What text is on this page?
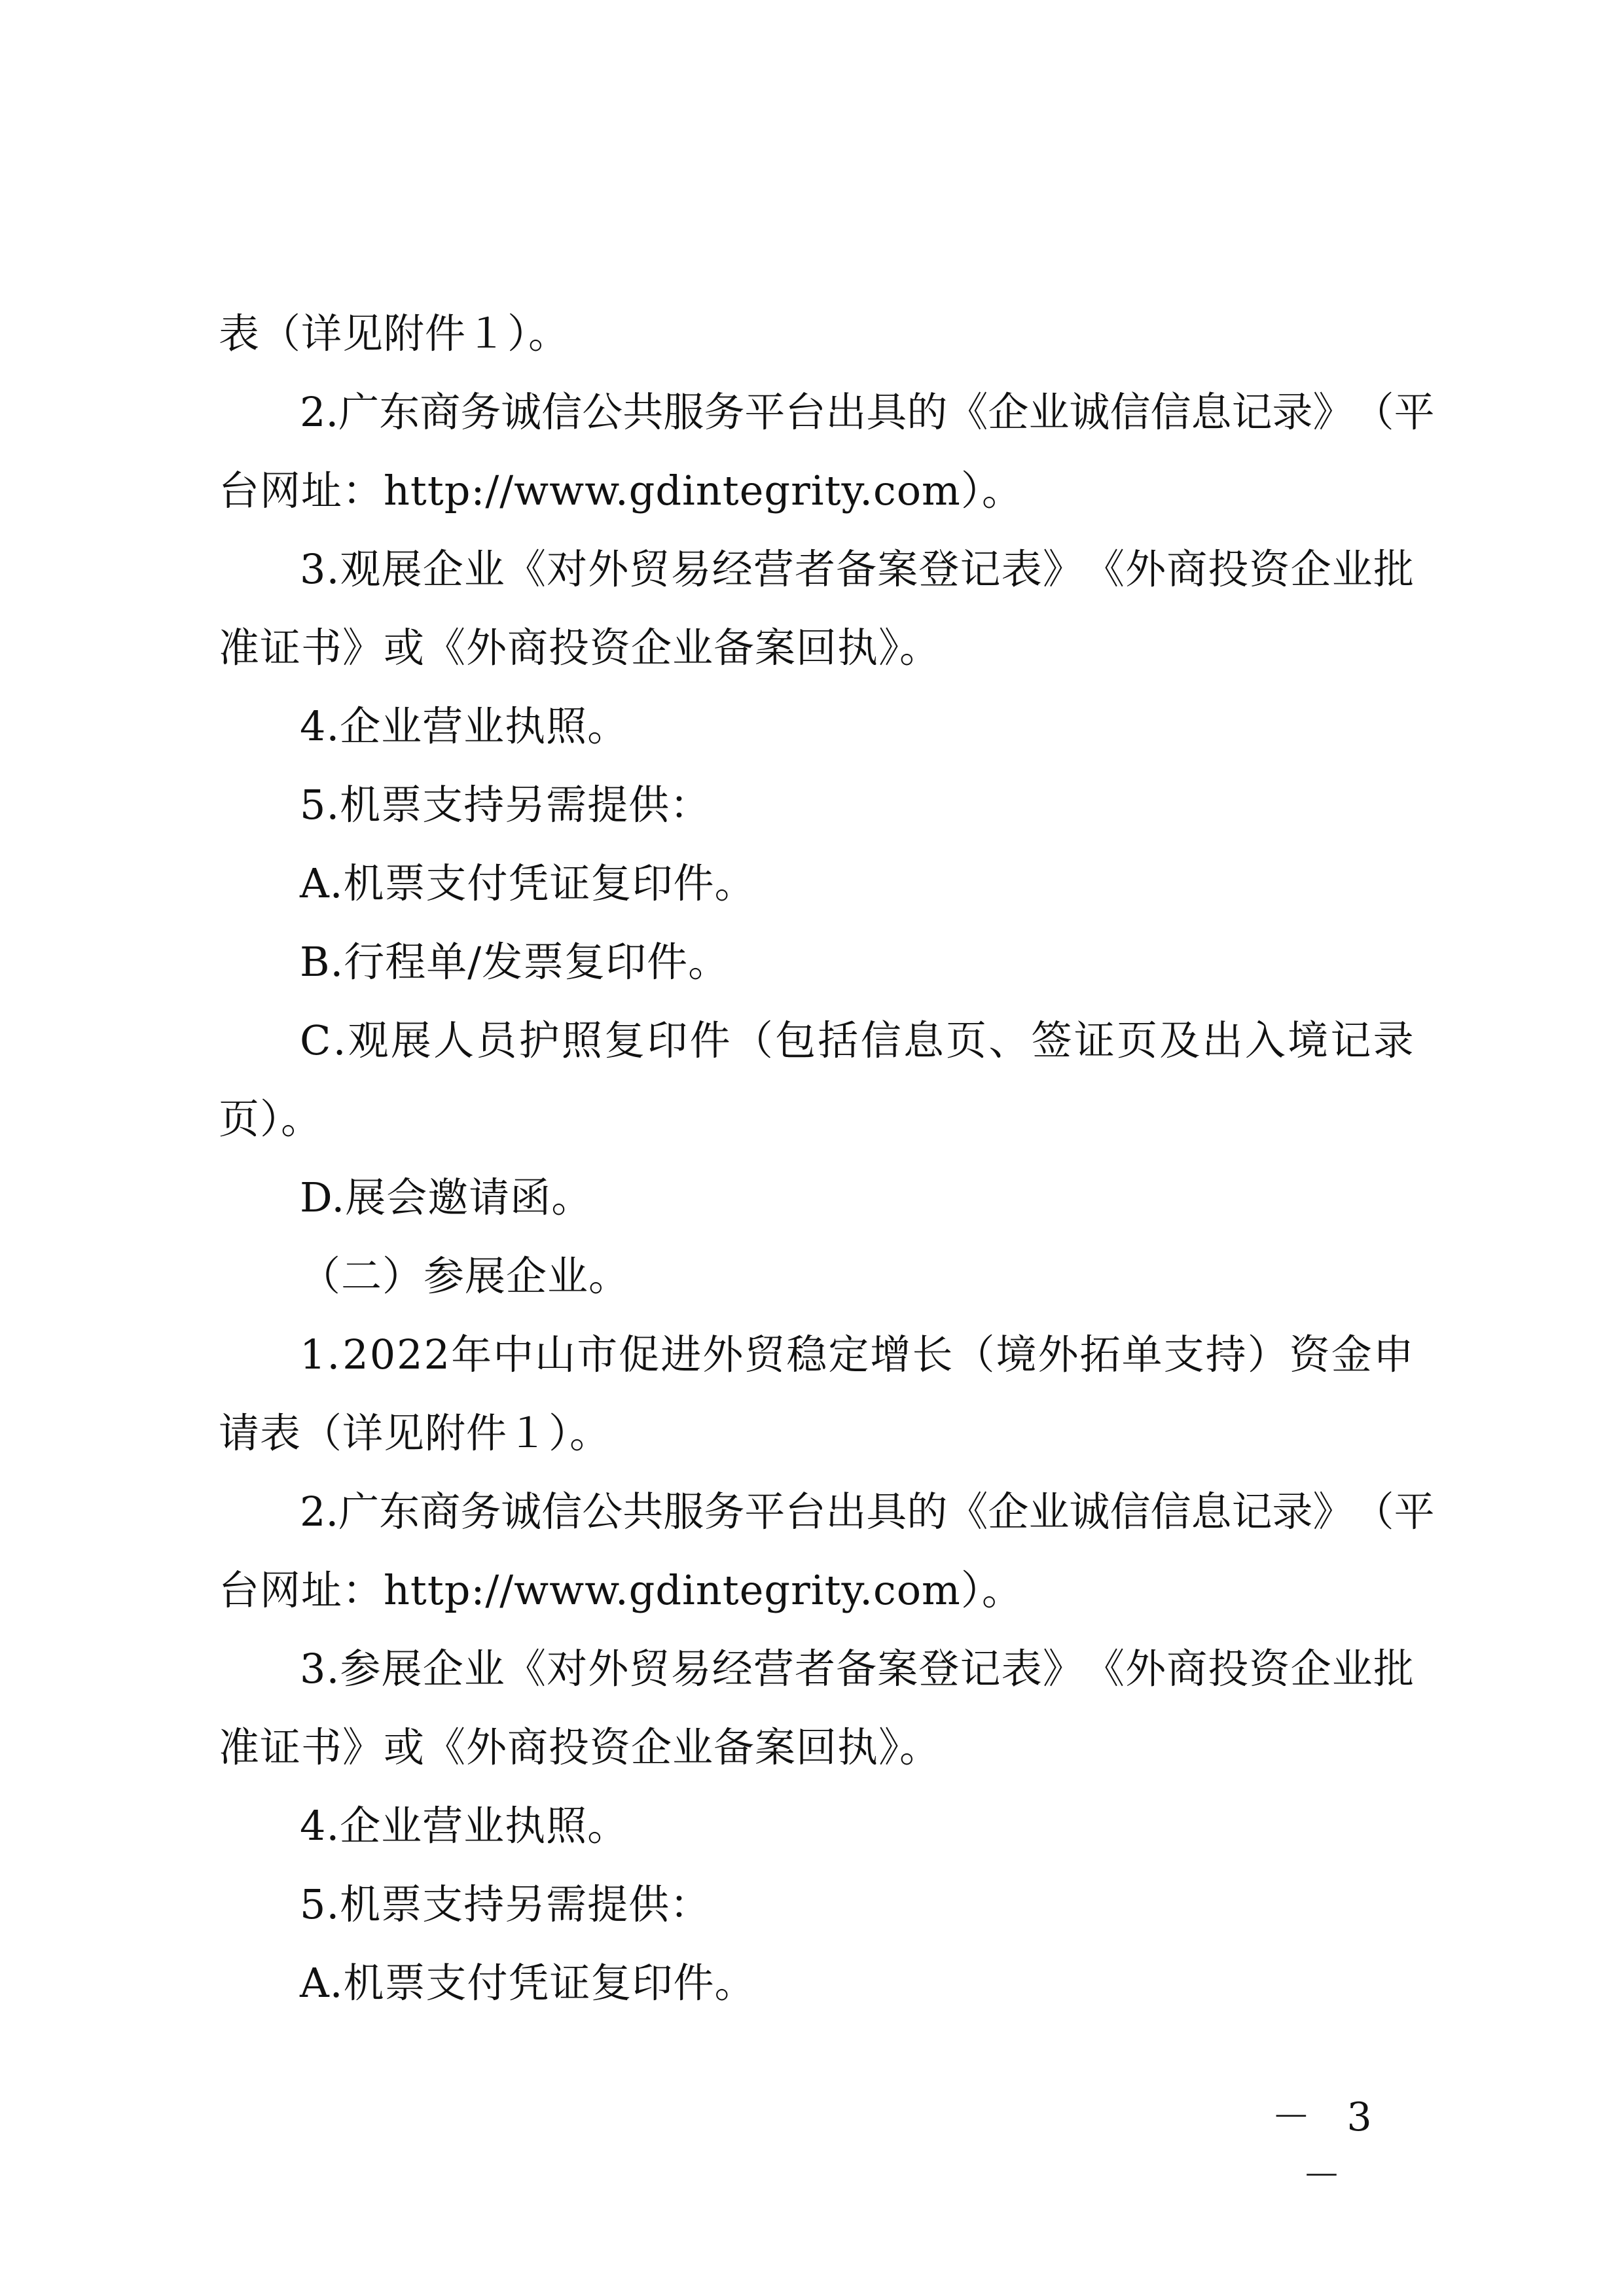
表（详见附件１）。
2 . 广 东 商 务 诚 信 公 共 服 务 平 台 出 具 的 《 企 业 诚 信 信 息 记 录 》 （ 平
台网址：http://www.gdintegrity.com）。
3 . 观 展 企 业 《 对 外 贸 易 经 营 者 备 案 登 记 表 》 《 外 商 投 资 企 业 批
准证书》或《外商投资企业备案回执》。
4.企业营业执照。
5.机票支持另需提供：
A.机票支付凭证复印件。
B.行程单/发票复印件。
C . 观 展 人 员 护 照 复 印 件 （ 包 括 信 息 页 、 签 证 页 及 出 入 境 记 录
页）。
D.展会邀请函。
（二）参展企业。
1 . 2 0 2 2 年 中 山 市 促 进 外 贸 稳 定 增 长 （ 境 外 拓 单 支 持 ） 资 金 申
请表（详见附件１）。
2 . 广 东 商 务 诚 信 公 共 服 务 平 台 出 具 的 《 企 业 诚 信 信 息 记 录 》 （ 平
台网址：http://www.gdintegrity.com）。
3 . 参 展 企 业 《 对 外 贸 易 经 营 者 备 案 登 记 表 》 《 外 商 投 资 企 业 批
准证书》或《外商投资企业备案回执》。
4.企业营业执照。
5.机票支持另需提供：
A.机票支付凭证复印件。
－ 3 －
